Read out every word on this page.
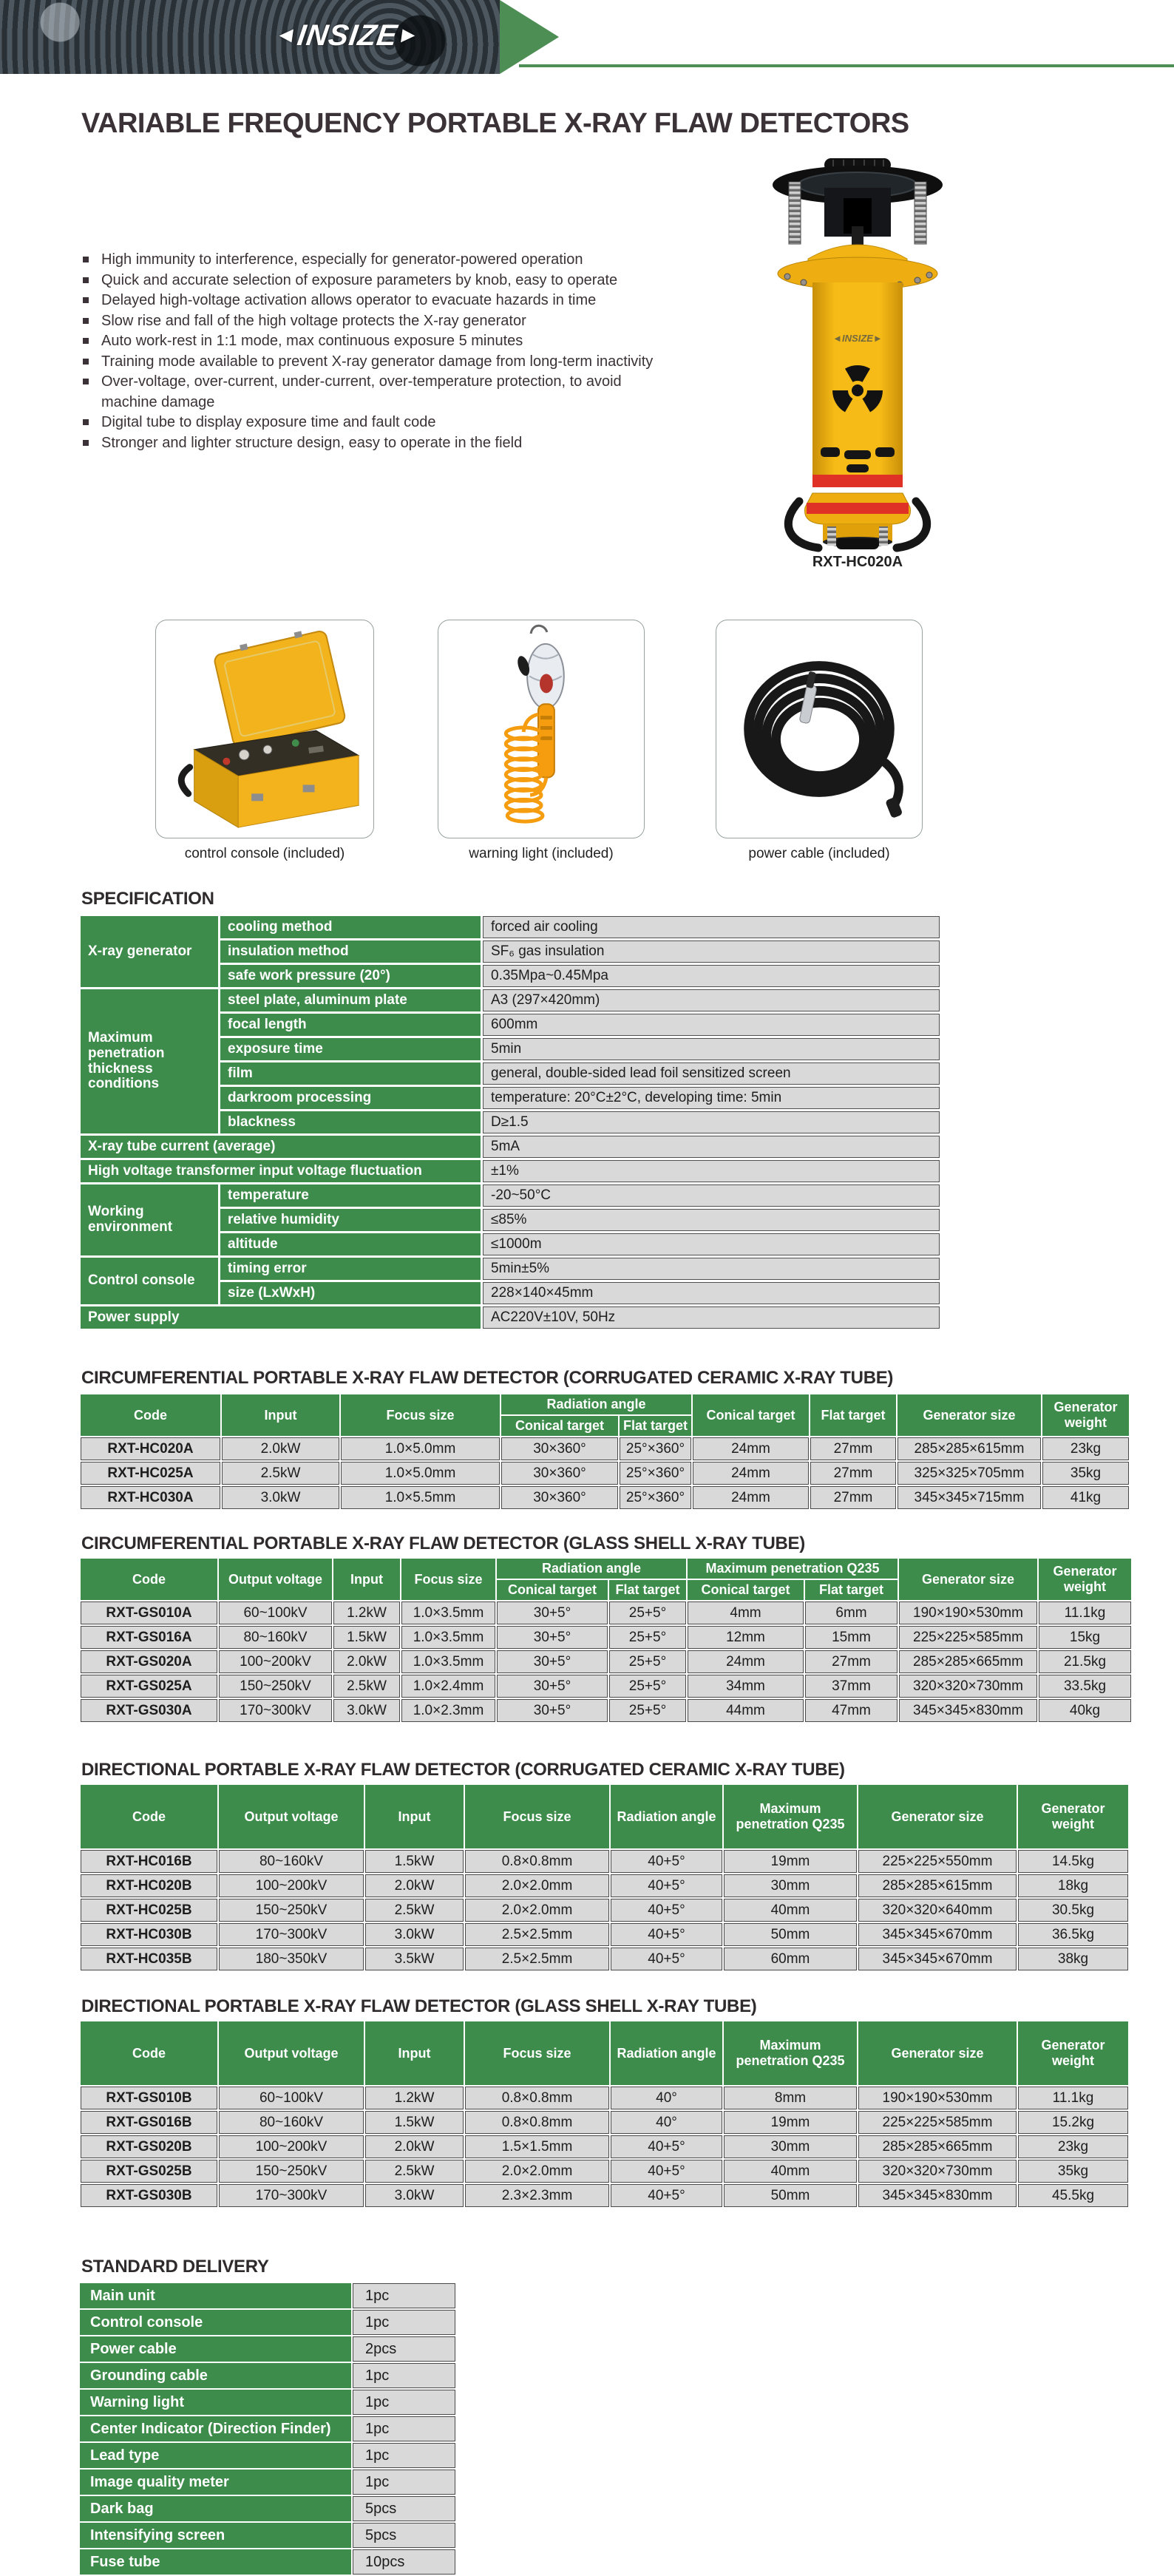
◄INSIZE►
VARIABLE FREQUENCY PORTABLE X-RAY FLAW DETECTORS
High immunity to interference, especially for generator-powered operation
Quick and accurate selection of exposure parameters by knob, easy to operate
Delayed high-voltage activation allows operator to evacuate hazards in time
Slow rise and fall of the high voltage protects the X-ray generator
Auto work-rest in 1:1 mode, max continuous exposure 5 minutes
Training mode available to prevent X-ray generator damage from long-term inactivity
Over-voltage, over-current, under-current, over-temperature protection, to avoid machine damage
Digital tube to display exposure time and fault code
Stronger and lighter structure design, easy to operate in the field
◄INSIZE►
RXT-HC020A
control console (included)	warning light (included)	power cable (included)
SPECIFICATION
X-ray generator	cooling method	forced air cooling
	insulation method	SF₆ gas insulation
	safe work pressure (20°)	0.35Mpa~0.45Mpa
Maximum penetration thickness conditions	steel plate, aluminum plate	A3 (297×420mm)
	focal length	600mm
	exposure time	5min
	film	general, double-sided lead foil sensitized screen
	darkroom processing	temperature: 20°C±2°C, developing time: 5min
	blackness	D≥1.5
X-ray tube current (average)		5mA
High voltage transformer input voltage fluctuation		±1%
Working environment	temperature	-20~50°C
	relative humidity	≤85%
	altitude	≤1000m
Control console	timing error	5min±5%
	size (LxWxH)	228×140×45mm
Power supply		AC220V±10V, 50Hz
CIRCUMFERENTIAL PORTABLE X-RAY FLAW DETECTOR (CORRUGATED CERAMIC X-RAY TUBE)
Code	Input	Focus size	Radiation angle		Conical target	Flat target	Generator size	Generator weight
			Conical target	Flat target				
RXT-HC020A	2.0kW	1.0×5.0mm	30×360°	25°×360°	24mm	27mm	285×285×615mm	23kg
RXT-HC025A	2.5kW	1.0×5.0mm	30×360°	25°×360°	24mm	27mm	325×325×705mm	35kg
RXT-HC030A	3.0kW	1.0×5.5mm	30×360°	25°×360°	24mm	27mm	345×345×715mm	41kg
CIRCUMFERENTIAL PORTABLE X-RAY FLAW DETECTOR (GLASS SHELL X-RAY TUBE)
Code	Output voltage	Input	Focus size	Radiation angle		Maximum penetration Q235		Generator size	Generator weight
				Conical target	Flat target	Conical target	Flat target		
RXT-GS010A	60~100kV	1.2kW	1.0×3.5mm	30+5°	25+5°	4mm	6mm	190×190×530mm	11.1kg
RXT-GS016A	80~160kV	1.5kW	1.0×3.5mm	30+5°	25+5°	12mm	15mm	225×225×585mm	15kg
RXT-GS020A	100~200kV	2.0kW	1.0×3.5mm	30+5°	25+5°	24mm	27mm	285×285×665mm	21.5kg
RXT-GS025A	150~250kV	2.5kW	1.0×2.4mm	30+5°	25+5°	34mm	37mm	320×320×730mm	33.5kg
RXT-GS030A	170~300kV	3.0kW	1.0×2.3mm	30+5°	25+5°	44mm	47mm	345×345×830mm	40kg
DIRECTIONAL PORTABLE X-RAY FLAW DETECTOR (CORRUGATED CERAMIC X-RAY TUBE)
Code	Output voltage	Input	Focus size	Radiation angle	Maximum penetration Q235	Generator size	Generator weight
RXT-HC016B	80~160kV	1.5kW	0.8×0.8mm	40+5°	19mm	225×225×550mm	14.5kg
RXT-HC020B	100~200kV	2.0kW	2.0×2.0mm	40+5°	30mm	285×285×615mm	18kg
RXT-HC025B	150~250kV	2.5kW	2.0×2.0mm	40+5°	40mm	320×320×640mm	30.5kg
RXT-HC030B	170~300kV	3.0kW	2.5×2.5mm	40+5°	50mm	345×345×670mm	36.5kg
RXT-HC035B	180~350kV	3.5kW	2.5×2.5mm	40+5°	60mm	345×345×670mm	38kg
DIRECTIONAL PORTABLE X-RAY FLAW DETECTOR (GLASS SHELL X-RAY TUBE)
Code	Output voltage	Input	Focus size	Radiation angle	Maximum penetration Q235	Generator size	Generator weight
RXT-GS010B	60~100kV	1.2kW	0.8×0.8mm	40°	8mm	190×190×530mm	11.1kg
RXT-GS016B	80~160kV	1.5kW	0.8×0.8mm	40°	19mm	225×225×585mm	15.2kg
RXT-GS020B	100~200kV	2.0kW	1.5×1.5mm	40+5°	30mm	285×285×665mm	23kg
RXT-GS025B	150~250kV	2.5kW	2.0×2.0mm	40+5°	40mm	320×320×730mm	35kg
RXT-GS030B	170~300kV	3.0kW	2.3×2.3mm	40+5°	50mm	345×345×830mm	45.5kg
STANDARD DELIVERY
Main unit	1pc
Control console	1pc
Power cable	2pcs
Grounding cable	1pc
Warning light	1pc
Center Indicator (Direction Finder)	1pc
Lead type	1pc
Image quality meter	1pc
Dark bag	5pcs
Intensifying screen	5pcs
Fuse tube	10pcs
